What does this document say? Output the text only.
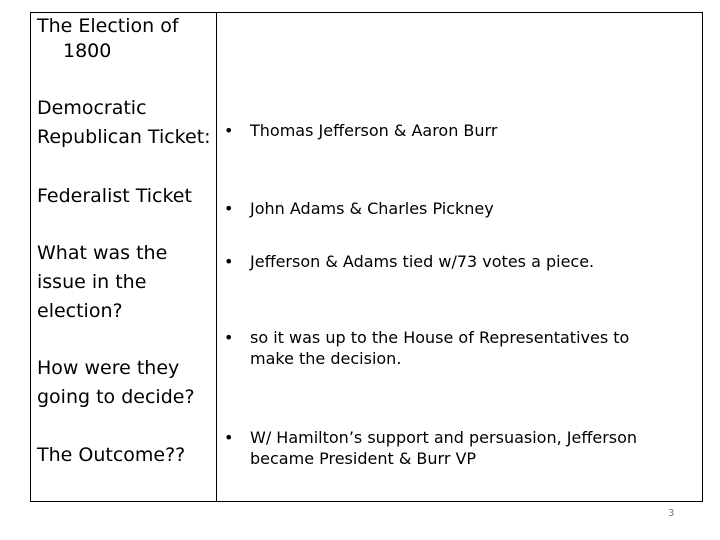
The Election of
1800
Democratic
Republican Ticket: • Thomas Jefferson & Aaron Burr
Federalist Ticket
• John Adams & Charles Pickney
What was the
issue in the
election?
• Jefferson & Adams tied w/73 votes a piece.
How were they
going to decide?
• so it was up to the House of Representatives to
make the decision.
The Outcome??
• W/ Hamilton’s support and persuasion, Jefferson
became President & Burr VP
3
